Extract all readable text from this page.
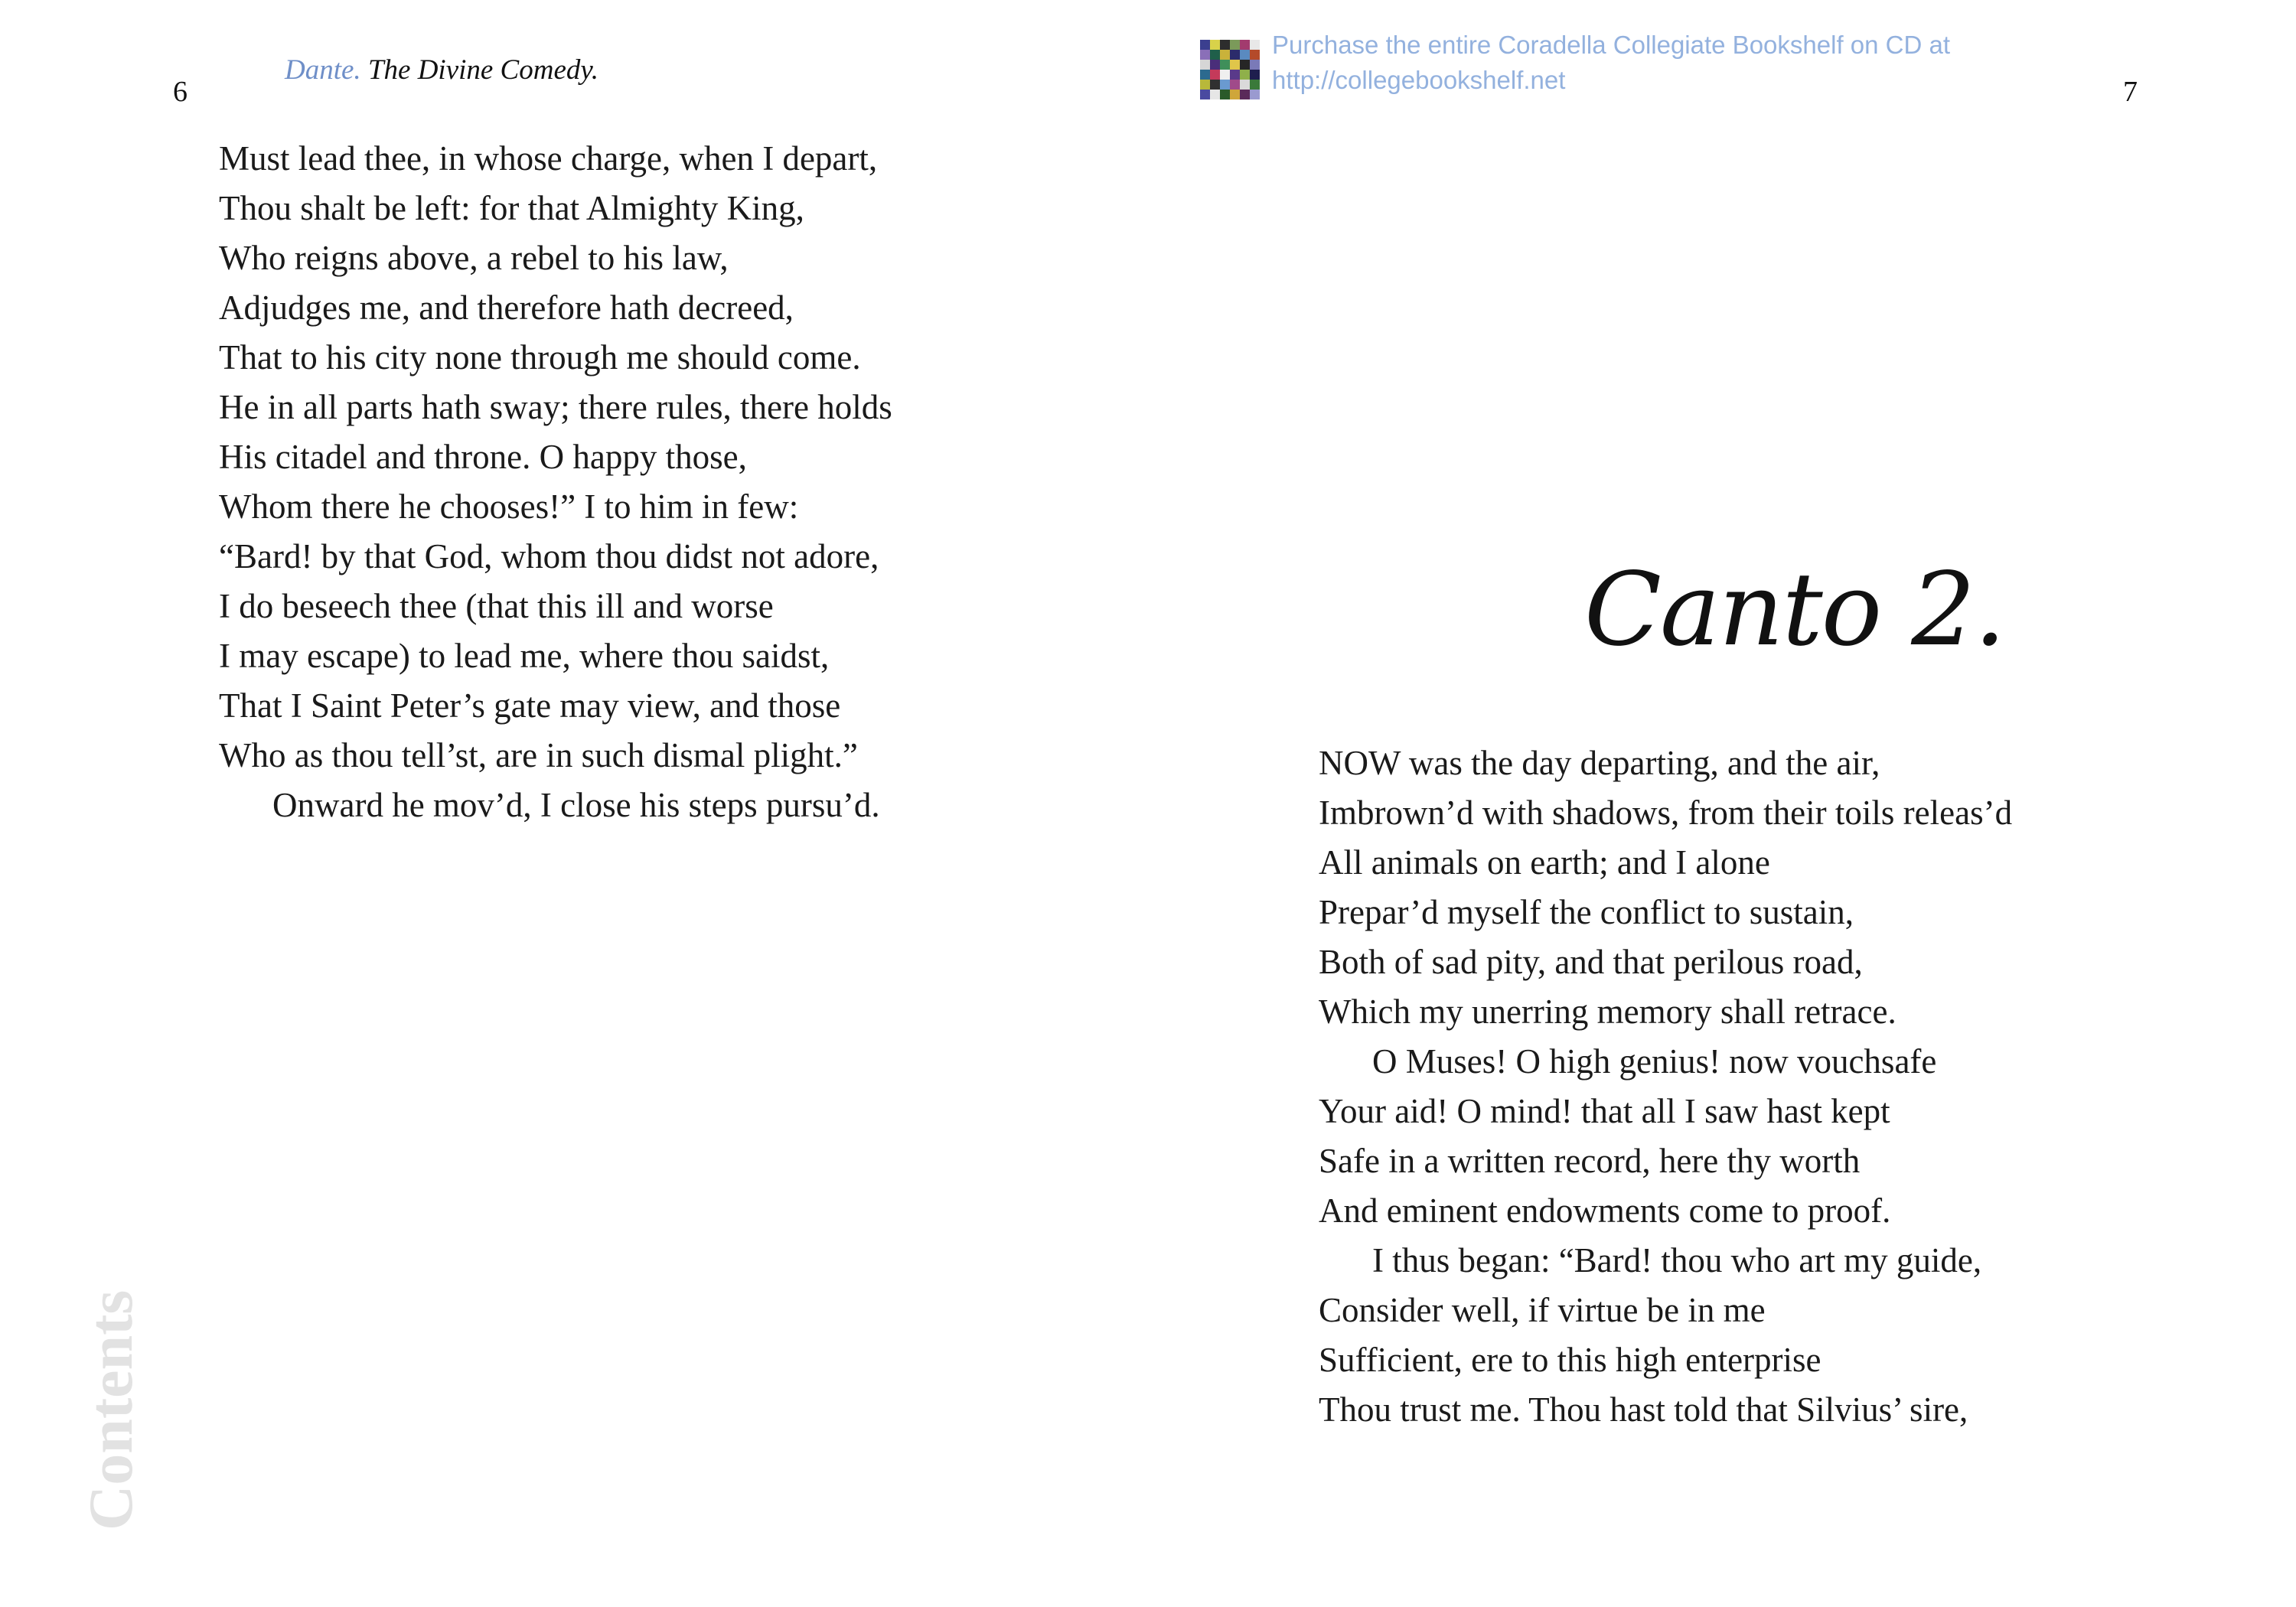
6	7
Dante. The Divine Comedy.
Purchase the entire Coradella Collegiate Bookshelf on CD at
http://collegebookshelf.net
Must lead thee, in whose charge, when I depart,
Thou shalt be left: for that Almighty King,
Who reigns above, a rebel to his law,
Adjudges me, and therefore hath decreed,
That to his city none through me should come.
He in all parts hath sway; there rules, there holds
His citadel and throne. O happy those,
Whom there he chooses!” I to him in few:
“Bard! by that God, whom thou didst not adore,
I do beseech thee (that this ill and worse
I may escape) to lead me, where thou saidst,
That I Saint Peter’s gate may view, and those
Who as thou tell’st, are in such dismal plight.”
Onward he mov’d, I close his steps pursu’d.
Canto 2.
NOW was the day departing, and the air,
Imbrown’d with shadows, from their toils releas’d
All animals on earth; and I alone
Prepar’d myself the conflict to sustain,
Both of sad pity, and that perilous road,
Which my unerring memory shall retrace.
O Muses! O high genius! now vouchsafe
Your aid! O mind! that all I saw hast kept
Safe in a written record, here thy worth
And eminent endowments come to proof.
I thus began: “Bard! thou who art my guide,
Consider well, if virtue be in me
Sufficient, ere to this high enterprise
Thou trust me. Thou hast told that Silvius’ sire,
Contents
